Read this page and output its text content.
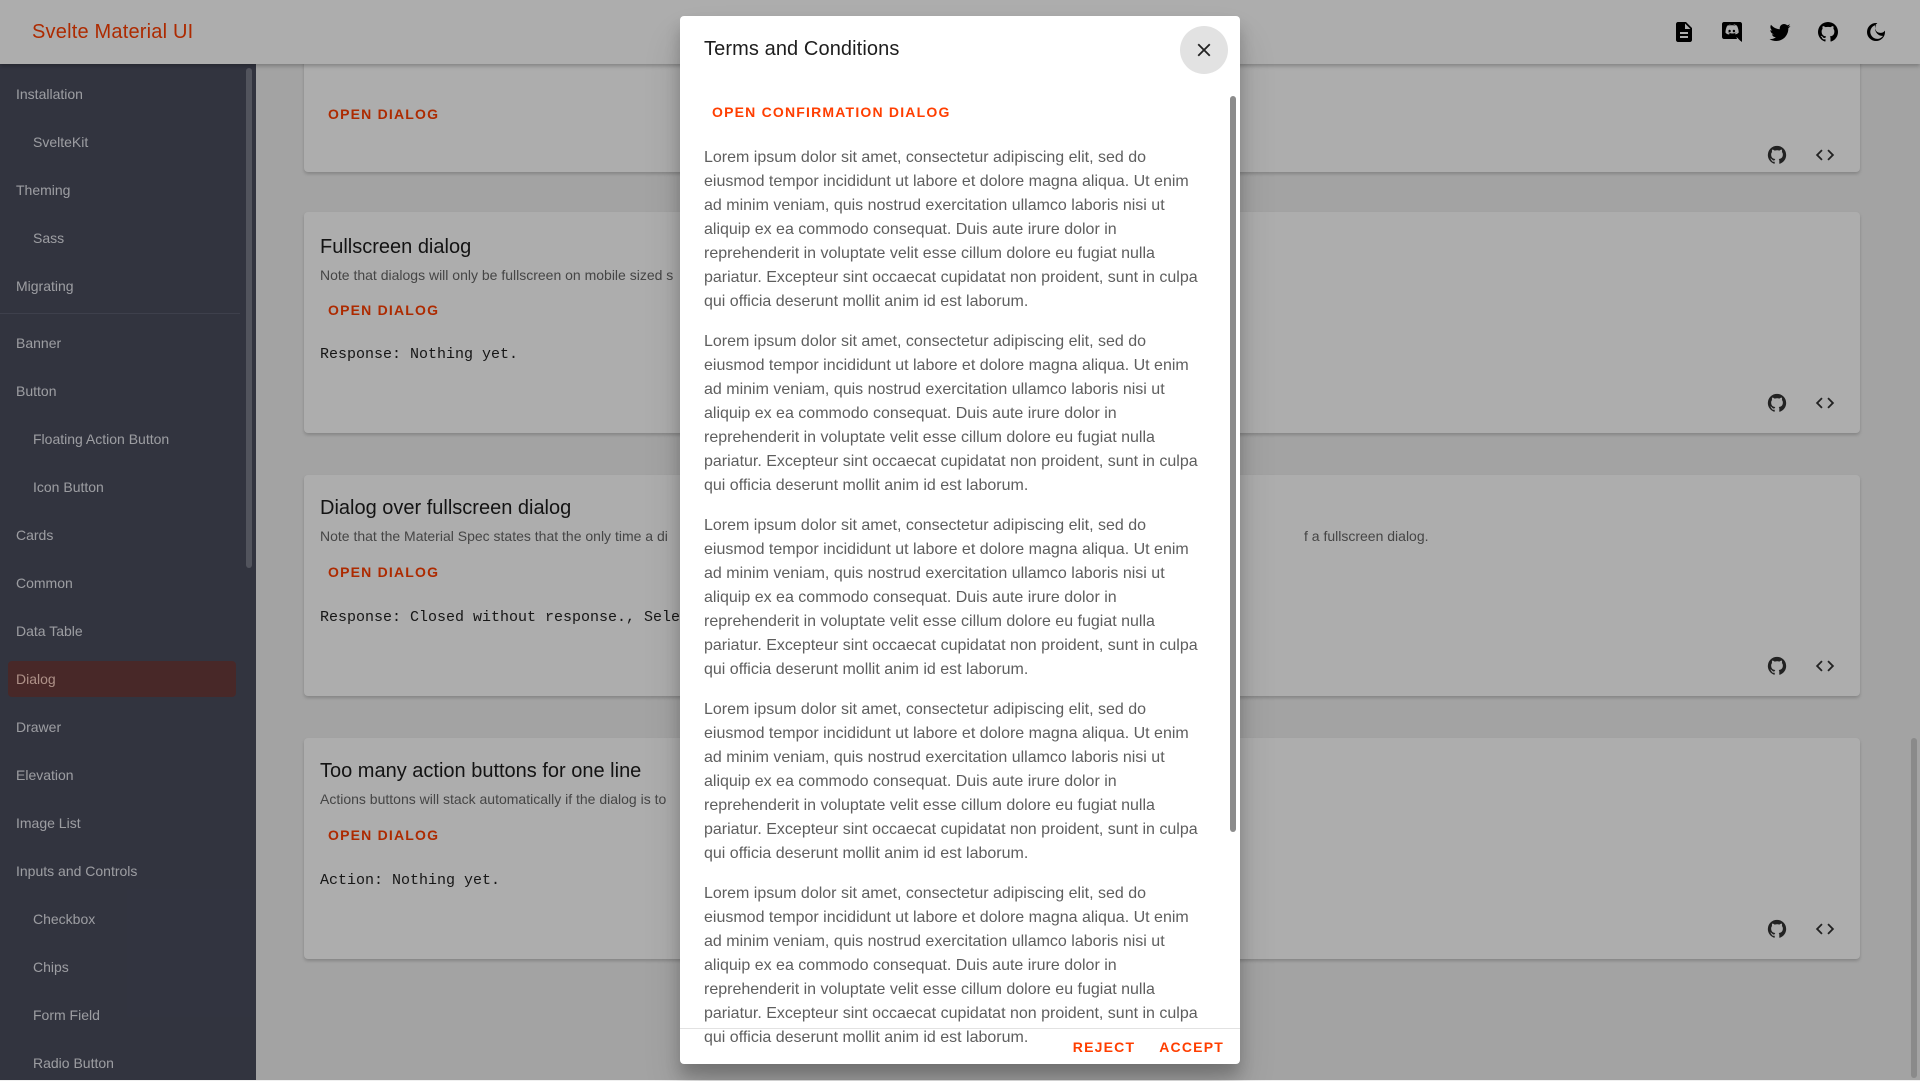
Svelte Material UI
Installation
SvelteKit
Theming
Sass
Migrating
Banner
Button
Floating Action Button
Icon Button
Cards
Common
Data Table
Dialog
Drawer
Elevation
Image List
Inputs and Controls
Checkbox
Chips
Form Field
Radio Button
OPEN DIALOG
Fullscreen dialog
Note that dialogs will only be fullscreen on mobile sized s
OPEN DIALOG
Response: Nothing yet.
Dialog over fullscreen dialog
Note that the Material Spec states that the only time a di	f a fullscreen dialog.
OPEN DIALOG
Response: Closed without response., Sele
Too many action buttons for one line
Actions buttons will stack automatically if the dialog is to
OPEN DIALOG
Action: Nothing yet.
Terms and Conditions
OPEN CONFIRMATION DIALOG
Lorem ipsum dolor sit amet, consectetur adipiscing elit, sed do eiusmod tempor incididunt ut labore et dolore magna aliqua. Ut enim ad minim veniam, quis nostrud exercitation ullamco laboris nisi ut aliquip ex ea commodo consequat. Duis aute irure dolor in reprehenderit in voluptate velit esse cillum dolore eu fugiat nulla pariatur. Excepteur sint occaecat cupidatat non proident, sunt in culpa qui officia deserunt mollit anim id est laborum.
Lorem ipsum dolor sit amet, consectetur adipiscing elit, sed do eiusmod tempor incididunt ut labore et dolore magna aliqua. Ut enim ad minim veniam, quis nostrud exercitation ullamco laboris nisi ut aliquip ex ea commodo consequat. Duis aute irure dolor in reprehenderit in voluptate velit esse cillum dolore eu fugiat nulla pariatur. Excepteur sint occaecat cupidatat non proident, sunt in culpa qui officia deserunt mollit anim id est laborum.
Lorem ipsum dolor sit amet, consectetur adipiscing elit, sed do eiusmod tempor incididunt ut labore et dolore magna aliqua. Ut enim ad minim veniam, quis nostrud exercitation ullamco laboris nisi ut aliquip ex ea commodo consequat. Duis aute irure dolor in reprehenderit in voluptate velit esse cillum dolore eu fugiat nulla pariatur. Excepteur sint occaecat cupidatat non proident, sunt in culpa qui officia deserunt mollit anim id est laborum.
Lorem ipsum dolor sit amet, consectetur adipiscing elit, sed do eiusmod tempor incididunt ut labore et dolore magna aliqua. Ut enim ad minim veniam, quis nostrud exercitation ullamco laboris nisi ut aliquip ex ea commodo consequat. Duis aute irure dolor in reprehenderit in voluptate velit esse cillum dolore eu fugiat nulla pariatur. Excepteur sint occaecat cupidatat non proident, sunt in culpa qui officia deserunt mollit anim id est laborum.
Lorem ipsum dolor sit amet, consectetur adipiscing elit, sed do eiusmod tempor incididunt ut labore et dolore magna aliqua. Ut enim ad minim veniam, quis nostrud exercitation ullamco laboris nisi ut aliquip ex ea commodo consequat. Duis aute irure dolor in reprehenderit in voluptate velit esse cillum dolore eu fugiat nulla pariatur. Excepteur sint occaecat cupidatat non proident, sunt in culpa qui officia deserunt mollit anim id est laborum.
REJECT	ACCEPT
